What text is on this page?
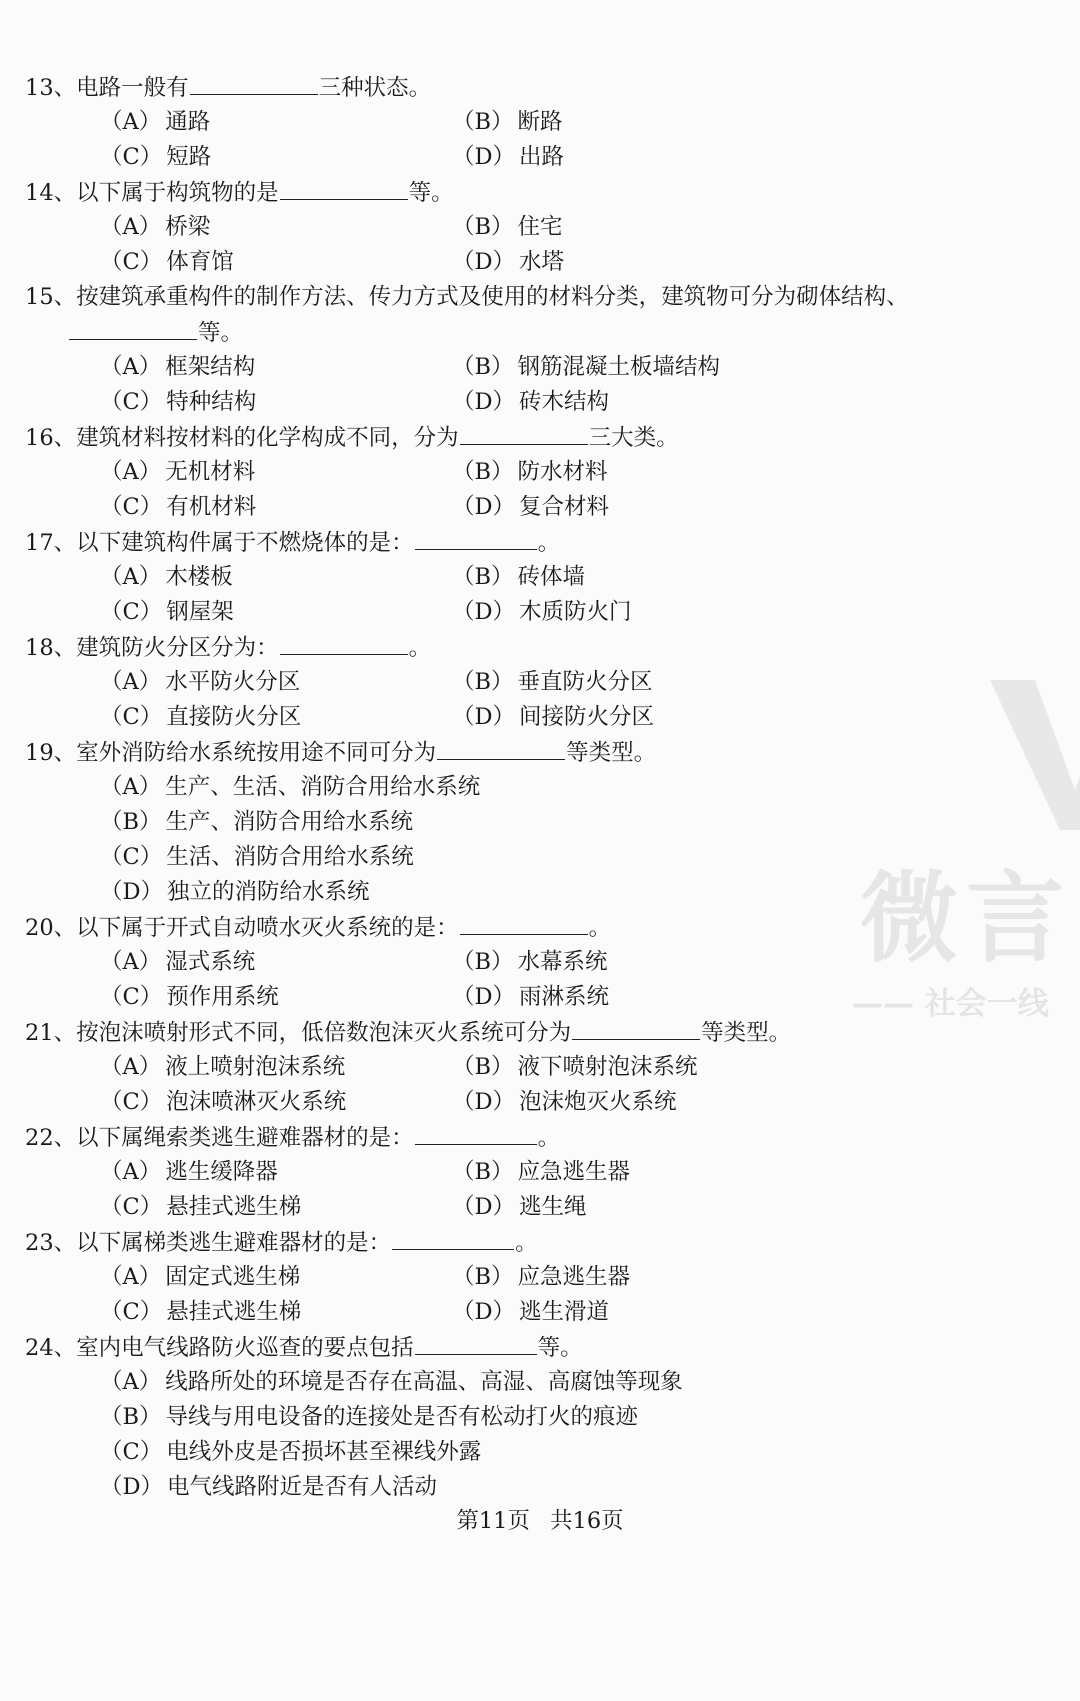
微言
—— 社会一线
13、电路一般有	三种状态。
（A） 通路	（B） 断路
（C） 短路	（D） 出路
14、以下属于构筑物的是	等。
（A） 桥梁	（B） 住宅
（C） 体育馆	（D） 水塔
15、按建筑承重构件的制作方法、传力方式及使用的材料分类，建筑物可分为砌体结构、
等。
（A） 框架结构	（B） 钢筋混凝土板墙结构
（C） 特种结构	（D） 砖木结构
16、建筑材料按材料的化学构成不同，分为	三大类。
（A） 无机材料	（B） 防水材料
（C） 有机材料	（D） 复合材料
17、以下建筑构件属于不燃烧体的是：	。
（A） 木楼板	（B） 砖体墙
（C） 钢屋架	（D） 木质防火门
18、建筑防火分区分为：	。
（A） 水平防火分区	（B） 垂直防火分区
（C） 直接防火分区	（D） 间接防火分区
19、室外消防给水系统按用途不同可分为	等类型。
（A） 生产、生活、消防合用给水系统
（B） 生产、消防合用给水系统
（C） 生活、消防合用给水系统
（D） 独立的消防给水系统
20、以下属于开式自动喷水灭火系统的是：	。
（A） 湿式系统	（B） 水幕系统
（C） 预作用系统	（D） 雨淋系统
21、按泡沫喷射形式不同，低倍数泡沫灭火系统可分为	等类型。
（A） 液上喷射泡沫系统	（B） 液下喷射泡沫系统
（C） 泡沫喷淋灭火系统	（D） 泡沫炮灭火系统
22、以下属绳索类逃生避难器材的是：	。
（A） 逃生缓降器	（B） 应急逃生器
（C） 悬挂式逃生梯	（D） 逃生绳
23、以下属梯类逃生避难器材的是：	。
（A） 固定式逃生梯	（B） 应急逃生器
（C） 悬挂式逃生梯	（D） 逃生滑道
24、室内电气线路防火巡查的要点包括	等。
（A） 线路所处的环境是否存在高温、高湿、高腐蚀等现象
（B） 导线与用电设备的连接处是否有松动打火的痕迹
（C） 电线外皮是否损坏甚至裸线外露
（D） 电气线路附近是否有人活动
第11页 共16页
